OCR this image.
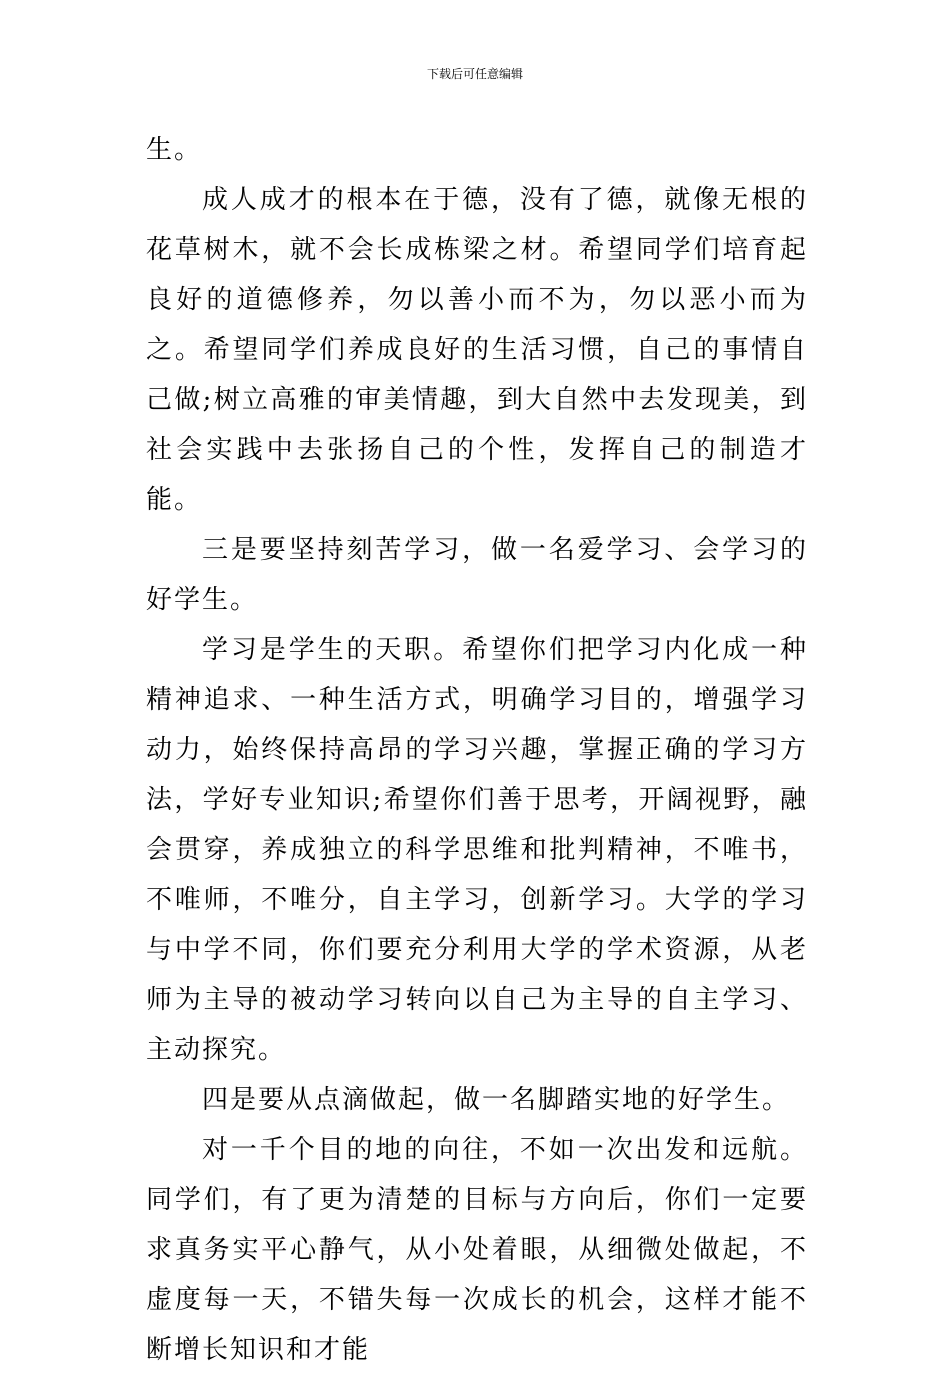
下载后可任意编辑

生。

成人成才的根本在于德，没有了德，就像无根的花草树木，就不会长成栋梁之材。希望同学们培育起良好的道德修养，勿以善小而不为，勿以恶小而为之。希望同学们养成良好的生活习惯，自己的事情自己做;树立高雅的审美情趣，到大自然中去发现美，到社会实践中去张扬自己的个性，发挥自己的制造才能。

三是要坚持刻苦学习，做一名爱学习、会学习的好学生。

学习是学生的天职。希望你们把学习内化成一种精神追求、一种生活方式，明确学习目的，增强学习动力，始终保持高昂的学习兴趣，掌握正确的学习方法，学好专业知识;希望你们善于思考，开阔视野，融会贯穿，养成独立的科学思维和批判精神，不唯书，不唯师，不唯分，自主学习，创新学习。大学的学习与中学不同，你们要充分利用大学的学术资源，从老师为主导的被动学习转向以自己为主导的自主学习、主动探究。

四是要从点滴做起，做一名脚踏实地的好学生。

对一千个目的地的向往，不如一次出发和远航。同学们，有了更为清楚的目标与方向后，你们一定要求真务实平心静气，从小处着眼，从细微处做起，不虚度每一天，不错失每一次成长的机会，这样才能不断增长知识和才能
